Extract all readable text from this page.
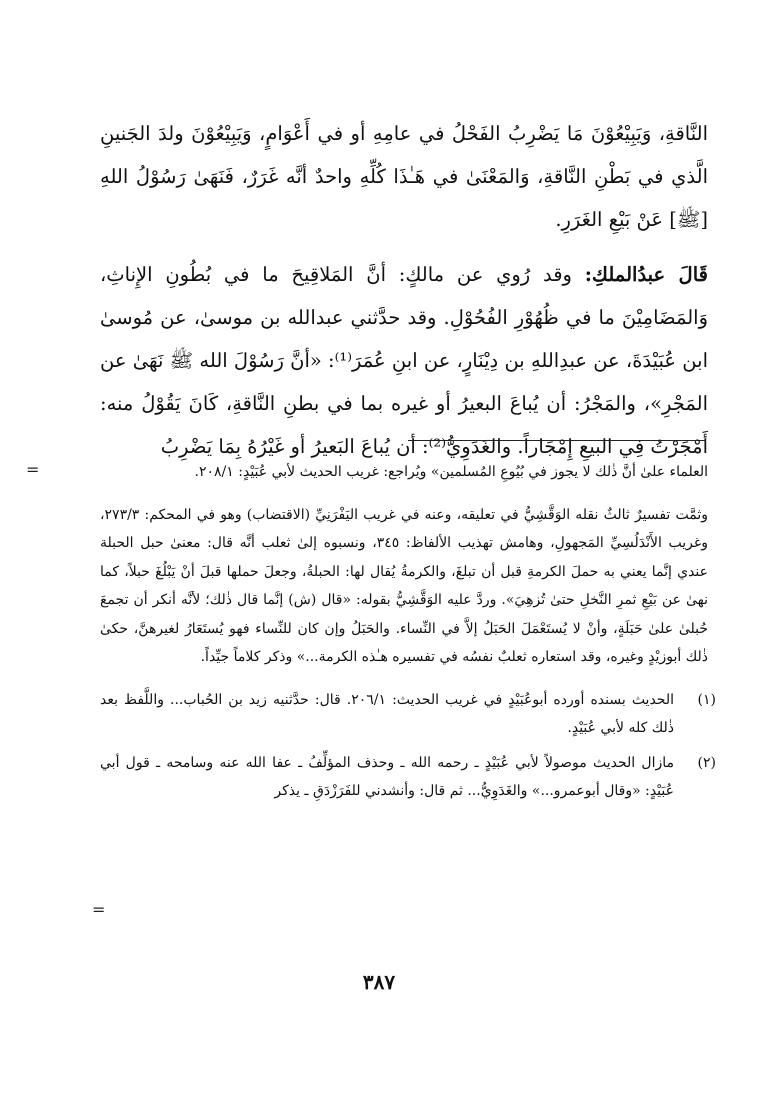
النَّاقةِ، وَيَبِيْعُوْنَ مَا يَضْرِبُ الفَحْلُ في عامِهِ أو في أَعْوَامٍ، وَيَبِيْعُوْنَ ولدَ الجَنينِ الَّذي في بَطْنِ النَّاقةِ، وَالمَعْنَىٰ في هَـٰذَا كُلِّهِ واحدٌ أنَّه غَرَرٌ، فَنَهَىٰ رَسُوْلُ اللهِ [ﷺ] عَنْ بَيْعِ الغَرَرِ.

قَالَ عبدُالملكِ: وقد رُوي عن مالكٍ: أنَّ المَلاقِيحَ ما في بُطُونِ الإِناثِ، وَالمَضَامِيْنَ ما في ظُهُوْرِ الفُحُوْلِ. وقد حدَّثني عبدالله بن موسىٰ، عن مُوسىٰ ابن عُبَيْدَةَ، عن عبدِاللهِ بن دِيْنَارٍ، عن ابنِ عُمَرَ⁽¹⁾: «أنَّ رَسُوْلَ الله ﷺ نَهَىٰ عن المَجْرِ»، والمَجْرُ: أن يُباعَ البعيرُ أو غيره بما في بطنِ النَّاقةِ، كَانَ يَقُوْلُ منه: أَمْجَرْتُ فِي البيعِ إِمْجَاراً. والغَدَوِيُّ⁽²⁾: أن يُباعَ البَعيرُ أو غَيْرُهُ بِمَا يَضْرِبُ

=	العلماء علىٰ أنَّ ذٰلك لا يجوز في بُيُوعِ المُسلمين» ويُراجع: غريب الحديث لأبي عُبَيْدٍ: ٢٠٨/١.

وثمَّت تفسيرٌ ثالثٌ نقله الوَقَّشِيُّ في تعليقه، وعنه في غريب اليَفْرَنِيِّ (الاقتضاب) وهو في المحكم: ٢٧٣/٣، وغريب الأَنْدَلُسِيِّ المَجهولِ، وهامش تهذيب الألفاظ: ٣٤٥، ونسبوه إلىٰ ثعلب أنَّه قال: معنىٰ حبل الحبلة عندي إنَّما يعني به حملَ الكرمةِ قبل أن تبلغَ، والكرمةُ يُقال لها: الحبلةُ، وجعلَ حملها قبلَ أنْ يَبْلُغَ حبلاً، كما نهىٰ عن بَيْعِ ثمرِ النَّخلِ حتىٰ تُزهِيَ». وردَّ عليه الوَقَّشِيُّ بقوله: «قال (ش) إنَّما قال ذٰلك؛ لأنَّه أنكر أن تجمعَ حُبلىٰ علىٰ حَبَلَةٍ، وأنْ لا يُستَعْمَلَ الحَبَلُ إلاَّ في النِّساء. والحَبَلُ وإن كان للنِّساء فهو يُستَعَارُ لغيرهنَّ، حكىٰ ذٰلك أبوزيْدٍ وغيره، وقد استعاره ثعلبٌ نفسُه في تفسيره هـٰذه الكرمة...» وذكر كلاماً جيِّداً.

(١)

الحديث بسنده أورده أبوعُبَيْدٍ في غريب الحديث: ٢٠٦/١. قال: حدَّثنيه زيد بن الحُباب... واللَّفظ بعد ذٰلك كله لأبي عُبَيْدٍ.

(٢)

مازال الحديث موصولاً لأبي عُبَيْدٍ ـ رحمه الله ـ وحذف المؤلِّفُ ـ عفا الله عنه وسامحه ـ قول أبي عُبَيْدٍ: «وقال أبوعمرو...» والغَدَوِيُّ... ثم قال: وأنشدني للفَرَزْدَقِ ـ يذكر

=
٣٨٧
